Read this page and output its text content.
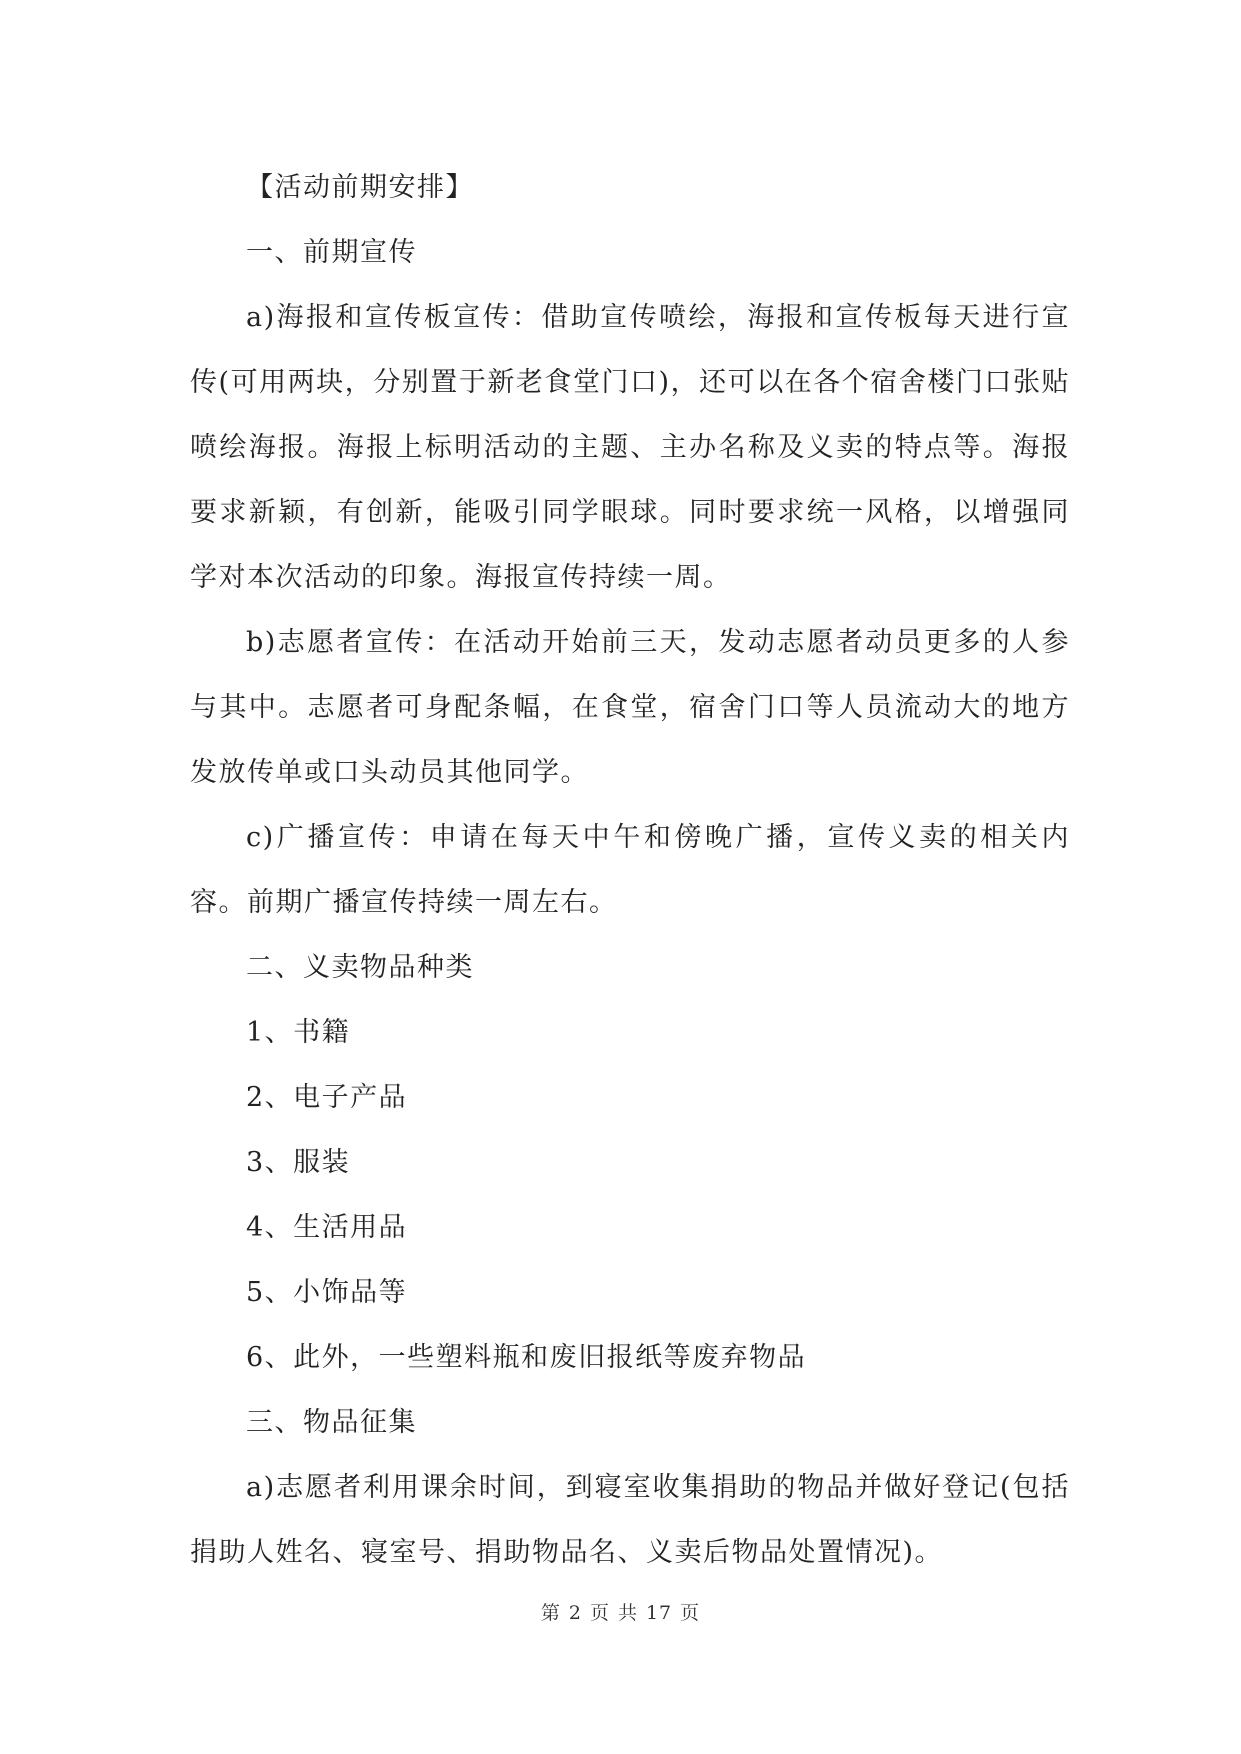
【活动前期安排】

一、前期宣传

a)海报和宣传板宣传：借助宣传喷绘，海报和宣传板每天进行宣传(可用两块，分别置于新老食堂门口)，还可以在各个宿舍楼门口张贴喷绘海报。海报上标明活动的主题、主办名称及义卖的特点等。海报要求新颖，有创新，能吸引同学眼球。同时要求统一风格，以增强同学对本次活动的印象。海报宣传持续一周。

b)志愿者宣传：在活动开始前三天，发动志愿者动员更多的人参与其中。志愿者可身配条幅，在食堂，宿舍门口等人员流动大的地方发放传单或口头动员其他同学。

c)广播宣传：申请在每天中午和傍晚广播，宣传义卖的相关内容。前期广播宣传持续一周左右。

二、义卖物品种类

1、书籍

2、电子产品

3、服装

4、生活用品

5、小饰品等

6、此外，一些塑料瓶和废旧报纸等废弃物品

三、物品征集

a)志愿者利用课余时间，到寝室收集捐助的物品并做好登记(包括捐助人姓名、寝室号、捐助物品名、义卖后物品处置情况)。

第 2 页 共 17 页
